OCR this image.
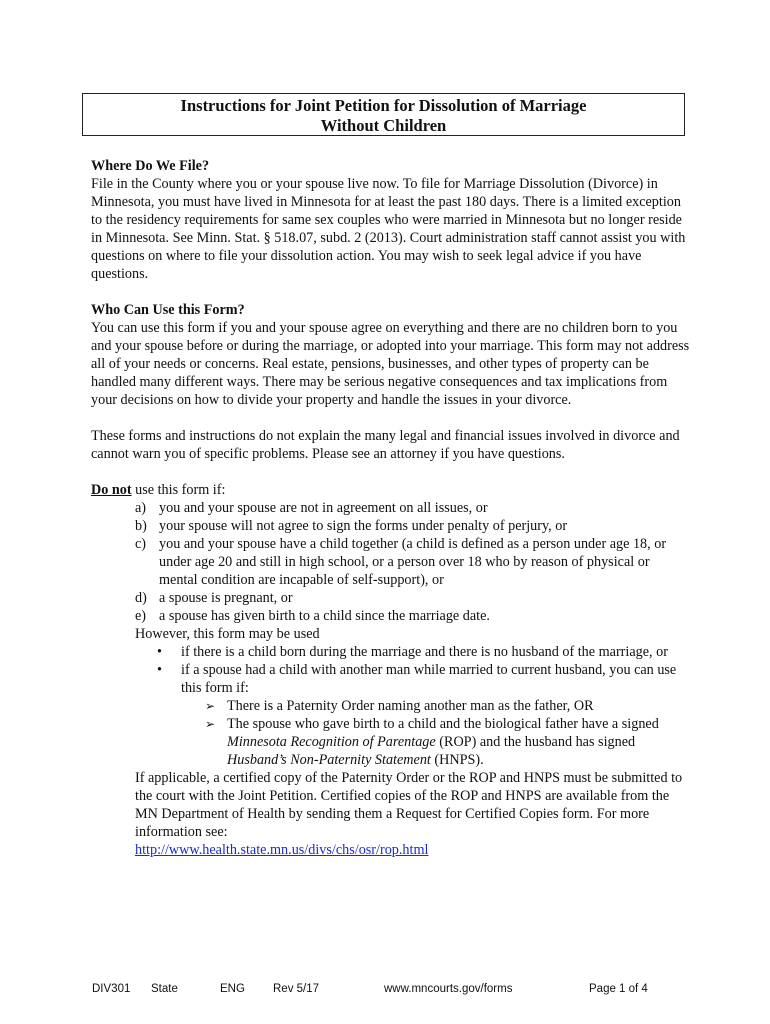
Instructions for Joint Petition for Dissolution of Marriage
Without Children

Where Do We File?

File in the County where you or your spouse live now. To file for Marriage Dissolution (Divorce) in Minnesota, you must have lived in Minnesota for at least the past 180 days. There is a limited exception to the residency requirements for same sex couples who were married in Minnesota but no longer reside in Minnesota. See Minn. Stat. § 518.07, subd. 2 (2013). Court administration staff cannot assist you with questions on where to file your dissolution action. You may wish to seek legal advice if you have questions.

Who Can Use this Form?

You can use this form if you and your spouse agree on everything and there are no children born to you and your spouse before or during the marriage, or adopted into your marriage. This form may not address all of your needs or concerns. Real estate, pensions, businesses, and other types of property can be handled many different ways. There may be serious negative consequences and tax implications from your decisions on how to divide your property and handle the issues in your divorce.

These forms and instructions do not explain the many legal and financial issues involved in divorce and cannot warn you of specific problems. Please see an attorney if you have questions.

Do not use this form if:

a) you and your spouse are not in agreement on all issues, or
b) your spouse will not agree to sign the forms under penalty of perjury, or
c) you and your spouse have a child together (a child is defined as a person under age 18, or under age 20 and still in high school, or a person over 18 who by reason of physical or mental condition are incapable of self-support), or
d) a spouse is pregnant, or
e) a spouse has given birth to a child since the marriage date.

However, this form may be used

• if there is a child born during the marriage and there is no husband of the marriage, or
• if a spouse had a child with another man while married to current husband, you can use this form if:
➢ There is a Paternity Order naming another man as the father, OR
➢ The spouse who gave birth to a child and the biological father have a signed Minnesota Recognition of Parentage (ROP) and the husband has signed Husband’s Non-Paternity Statement (HNPS).

If applicable, a certified copy of the Paternity Order or the ROP and HNPS must be submitted to the court with the Joint Petition. Certified copies of the ROP and HNPS are available from the MN Department of Health by sending them a Request for Certified Copies form. For more information see:

http://www.health.state.mn.us/divs/chs/osr/rop.html

DIV301 State	ENG Rev 5/17	www.mncourts.gov/forms	Page 1 of 4
